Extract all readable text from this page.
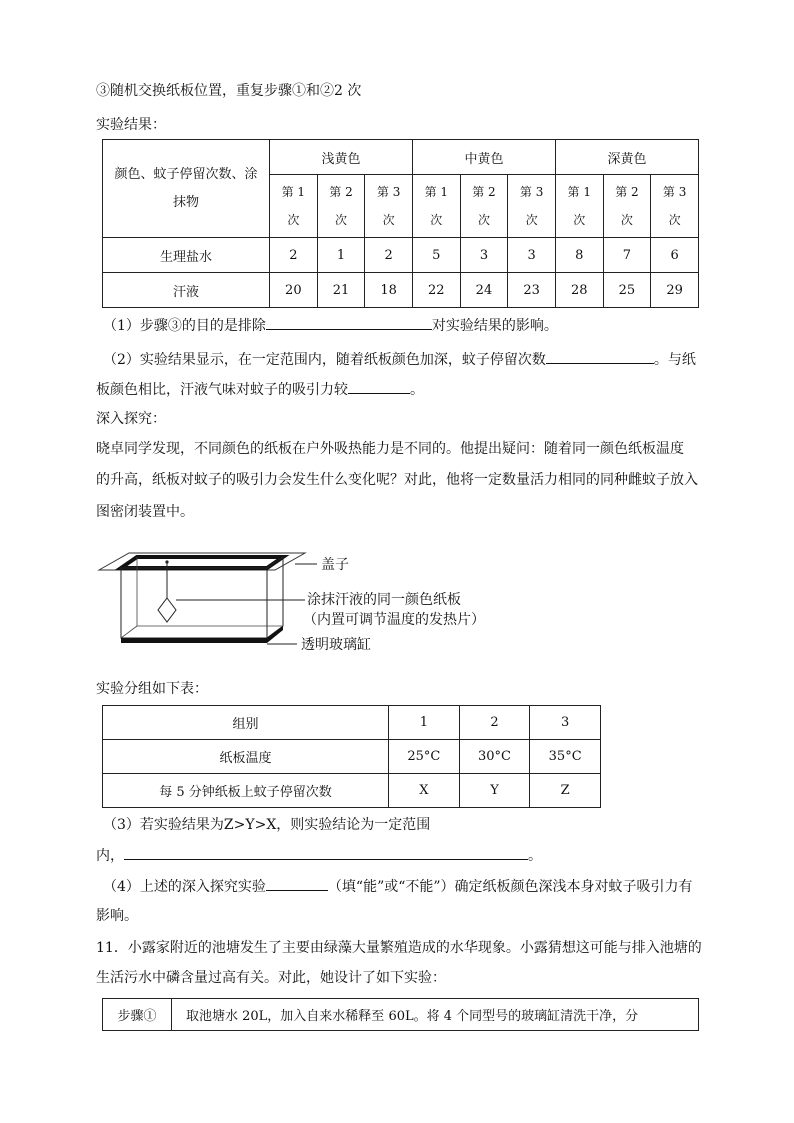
③随机交换纸板位置，重复步骤①和②2 次
实验结果：
颜色、蚊子停留次数、涂抹物	浅黄色			中黄色			深黄色		
	第 1 次	第 2 次	第 3 次	第 1 次	第 2 次	第 3 次	第 1 次	第 2 次	第 3 次
生理盐水	2	1	2	5	3	3	8	7	6
汗液	20	21	18	22	24	23	28	25	29
（1）步骤③的目的是排除	对实验结果的影响。
（2）实验结果显示，在一定范围内，随着纸板颜色加深，蚊子停留次数	。与纸
板颜色相比，汗液气味对蚊子的吸引力较	。
深入探究：
晓卓同学发现，不同颜色的纸板在户外吸热能力是不同的。他提出疑问：随着同一颜色纸板温度
的升高，纸板对蚊子的吸引力会发生什么变化呢？对此，他将一定数量活力相同的同种雌蚊子放入
图密闭装置中。
盖子
涂抹汗液的同一颜色纸板
（内置可调节温度的发热片）
透明玻璃缸
实验分组如下表：
组别	1	2	3
纸板温度	25°C	30°C	35°C
每 5 分钟纸板上蚊子停留次数	X	Y	Z
（3）若实验结果为Z>Y>X，则实验结论为一定范围
内，	。
（4）上述的深入探究实验	（填“能”或“不能”）确定纸板颜色深浅本身对蚊子吸引力有
影响。
11．小露家附近的池塘发生了主要由绿藻大量繁殖造成的水华现象。小露猜想这可能与排入池塘的
生活污水中磷含量过高有关。对此，她设计了如下实验：
步骤①	取池塘水 20L，加入自来水稀释至 60L。将 4 个同型号的玻璃缸清洗干净，分
